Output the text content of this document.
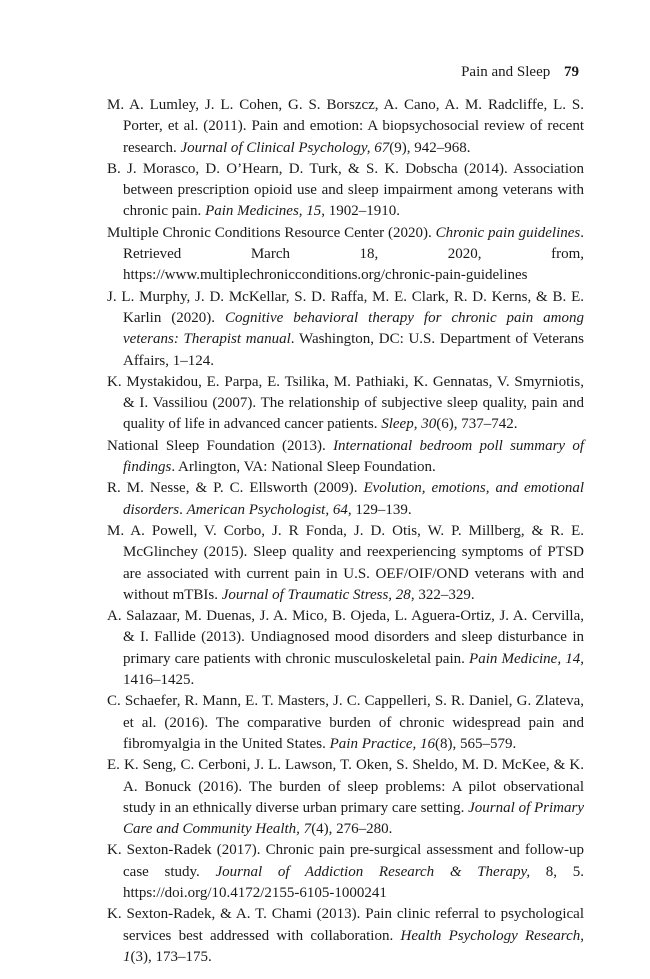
Pain and Sleep 79

M. A. Lumley, J. L. Cohen, G. S. Borszcz, A. Cano, A. M. Radcliffe, L. S. Porter, et al. (2011). Pain and emotion: A biopsychosocial review of recent research. Journal of Clinical Psychology, 67(9), 942–968.

B. J. Morasco, D. O’Hearn, D. Turk, & S. K. Dobscha (2014). Association between prescription opioid use and sleep impairment among veterans with chronic pain. Pain Medicines, 15, 1902–1910.

Multiple Chronic Conditions Resource Center (2020). Chronic pain guidelines. Retrieved March 18, 2020, from, https://www.multiplechronicconditions.org/chronic-pain-guidelines

J. L. Murphy, J. D. McKellar, S. D. Raffa, M. E. Clark, R. D. Kerns, & B. E. Karlin (2020). Cognitive behavioral therapy for chronic pain among veterans: Therapist manual. Washington, DC: U.S. Department of Veterans Affairs, 1–124.

K. Mystakidou, E. Parpa, E. Tsilika, M. Pathiaki, K. Gennatas, V. Smyrniotis, & I. Vassiliou (2007). The relationship of subjective sleep quality, pain and quality of life in advanced cancer patients. Sleep, 30(6), 737–742.

National Sleep Foundation (2013). International bedroom poll summary of findings. Arlington, VA: National Sleep Foundation.

R. M. Nesse, & P. C. Ellsworth (2009). Evolution, emotions, and emotional disorders. American Psychologist, 64, 129–139.

M. A. Powell, V. Corbo, J. R Fonda, J. D. Otis, W. P. Millberg, & R. E. McGlinchey (2015). Sleep quality and reexperiencing symptoms of PTSD are associated with current pain in U.S. OEF/OIF/OND veterans with and without mTBIs. Journal of Traumatic Stress, 28, 322–329.

A. Salazaar, M. Duenas, J. A. Mico, B. Ojeda, L. Aguera-Ortiz, J. A. Cervilla, & I. Fallide (2013). Undiagnosed mood disorders and sleep disturbance in primary care patients with chronic musculoskeletal pain. Pain Medicine, 14, 1416–1425.

C. Schaefer, R. Mann, E. T. Masters, J. C. Cappelleri, S. R. Daniel, G. Zlateva, et al. (2016). The comparative burden of chronic widespread pain and fibromyalgia in the United States. Pain Practice, 16(8), 565–579.

E. K. Seng, C. Cerboni, J. L. Lawson, T. Oken, S. Sheldo, M. D. McKee, & K. A. Bonuck (2016). The burden of sleep problems: A pilot observational study in an ethnically diverse urban primary care setting. Journal of Primary Care and Community Health, 7(4), 276–280.

K. Sexton-Radek (2017). Chronic pain pre-surgical assessment and follow-up case study. Journal of Addiction Research & Therapy, 8, 5. https://doi.org/10.4172/2155-6105-1000241

K. Sexton-Radek, & A. T. Chami (2013). Pain clinic referral to psychological services best addressed with collaboration. Health Psychology Research, 1(3), 173–175.
